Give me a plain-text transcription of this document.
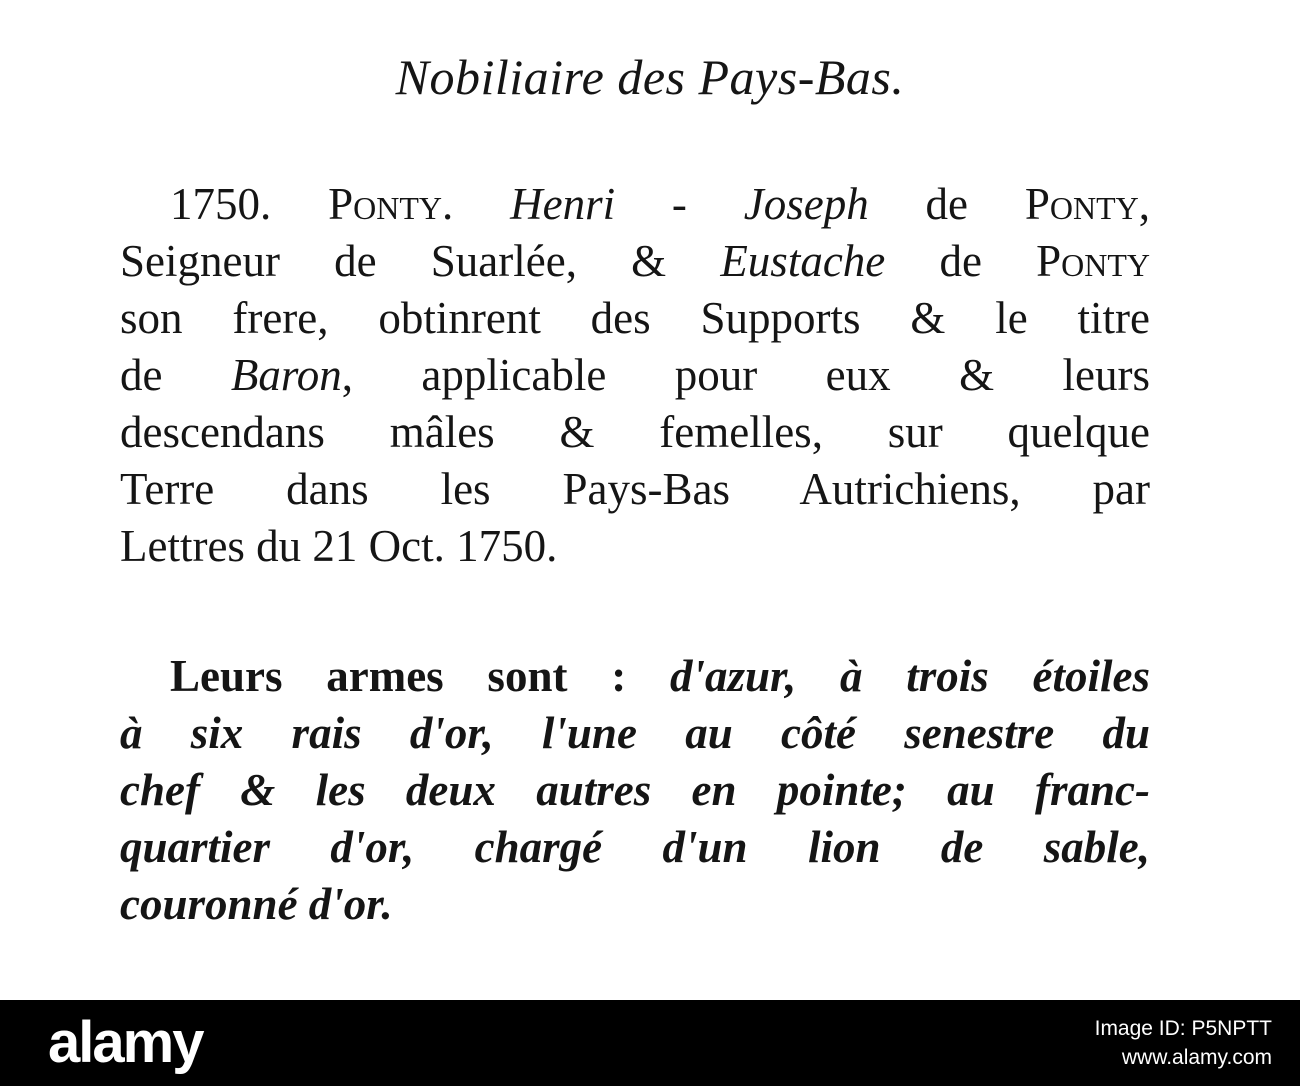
Nobiliaire des Pays-Bas.
1750. Ponty. Henri - Joseph de Ponty,
Seigneur de Suarlée, & Eustache de Ponty
son frere, obtinrent des Supports & le titre
de Baron, applicable pour eux & leurs
descendans mâles & femelles, sur quelque
Terre dans les Pays-Bas Autrichiens, par
Lettres du 21 Oct. 1750.
Leurs armes sont : d'azur, à trois étoiles
à six rais d'or, l'une au côté senestre du
chef & les deux autres en pointe; au franc-
quartier d'or, chargé d'un lion de sable,
couronné d'or.
alamy	Image ID: P5NPTT
www.alamy.com
